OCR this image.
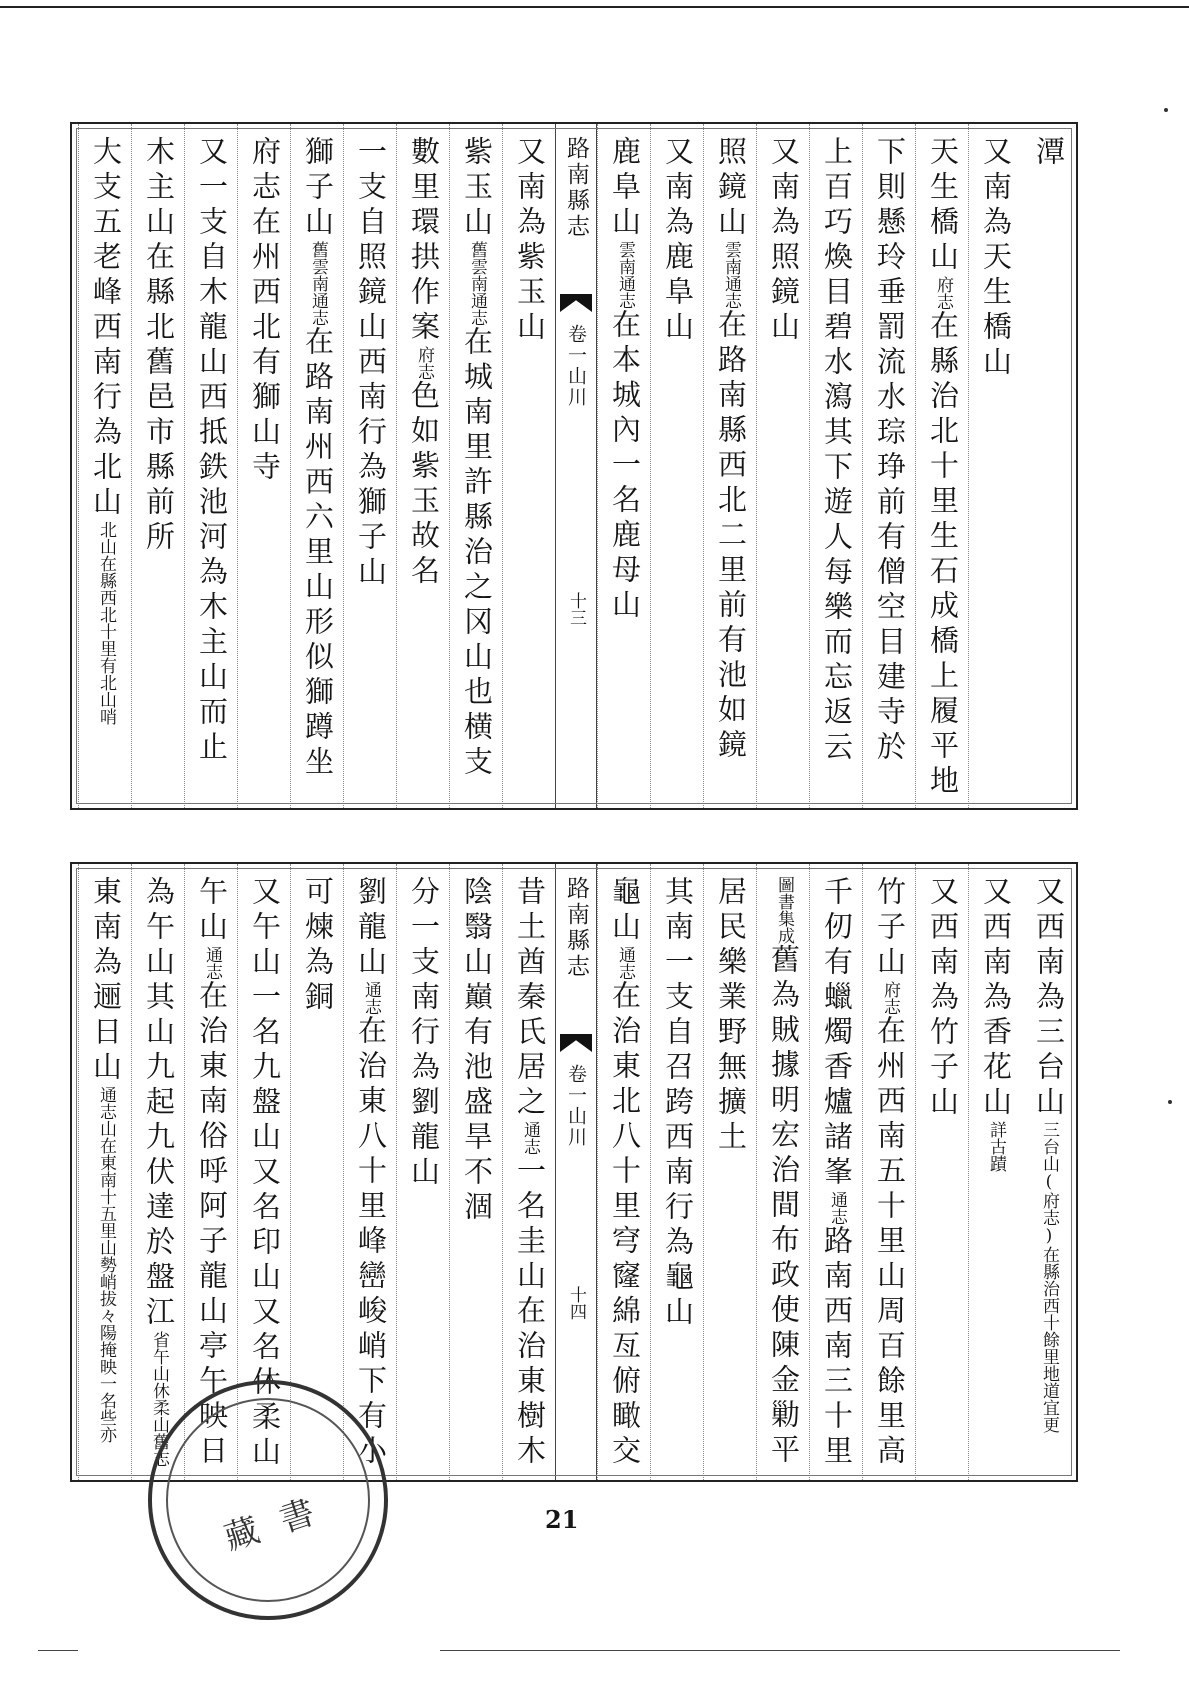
潭
又南為天生橋山
天生橋山府志在縣治北十里生石成橋上履平地
下則懸玲垂罰流水琮琤前有僧空目建寺於
上百巧煥目碧水瀉其下遊人每樂而忘返云
又南為照鏡山
照鏡山雲南通志在路南縣西北二里前有池如鏡
又南為鹿阜山
鹿阜山雲南通志在本城內一名鹿母山
路南縣志
卷一山川
十三
又南為紫玉山
紫玉山舊雲南通志在城南里許縣治之冈山也横支
數里環拱作案府志色如紫玉故名
一支自照鏡山西南行為獅子山
獅子山舊雲南通志在路南州西六里山形似獅蹲坐
府志在州西北有獅山寺
又一支自木龍山西抵鉄池河為木主山而止
木主山在縣北舊邑市縣前所
大支五老峰西南行為北山北山在縣西北十里有北山哨
又西南為三台山三台山(府志)在縣治西十餘里地道宜更
又西南為香花山詳古蹟
又西南為竹子山
竹子山府志在州西南五十里山周百餘里高
千仞有蠟燭香爐諸峯通志路南西南三十里
圖書集成舊為賊據明宏治間布政使陳金勦平
居民樂業野無擴土
其南一支自召跨西南行為龜山
龜山通志在治東北八十里穹窿綿亙俯瞰交
路南縣志
卷一山川
十四
昔土酋秦氏居之通志一名圭山在治東樹木
陰翳山巔有池盛旱不涸
分一支南行為劉龍山
劉龍山通志在治東八十里峰巒峻峭下有小
可煉為銅
又午山一名九盤山又名印山又名休柔山
午山通志在治東南俗呼阿子龍山亭午映日
為午山其山九起九伏達於盤江省午山休柔山舊志
東南為逦日山通志山在東南十五里山勢峭拔々陽掩映一名些亦
21
藏書
